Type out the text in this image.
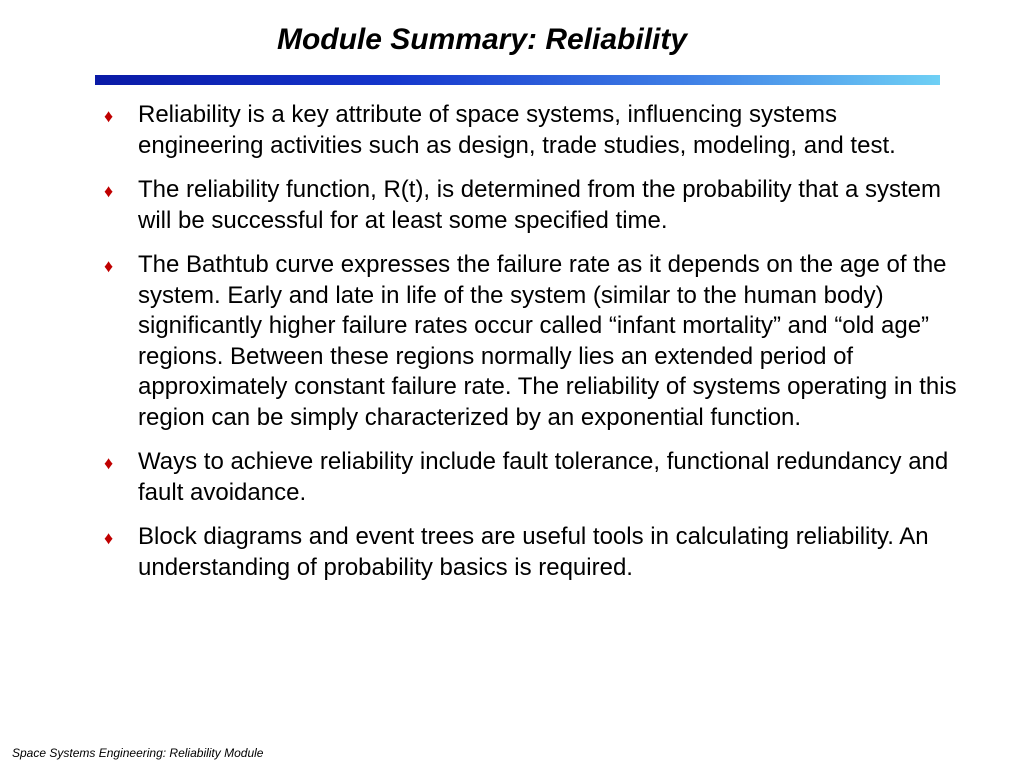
Module Summary: Reliability
♦ Reliability is a key attribute of space systems, influencing systems engineering activities such as design, trade studies, modeling, and test.
♦ The reliability function, R(t), is determined from the probability that a system will be successful for at least some specified time.
♦ The Bathtub curve expresses the failure rate as it depends on the age of the system. Early and late in life of the system (similar to the human body) significantly higher failure rates occur called “infant mortality” and “old age” regions. Between these regions normally lies an extended period of approximately constant failure rate. The reliability of systems operating in this region can be simply characterized by an exponential function.
♦ Ways to achieve reliability include fault tolerance, functional redundancy and fault avoidance.
♦ Block diagrams and event trees are useful tools in calculating reliability. An understanding of probability basics is required.
Space Systems Engineering: Reliability Module
